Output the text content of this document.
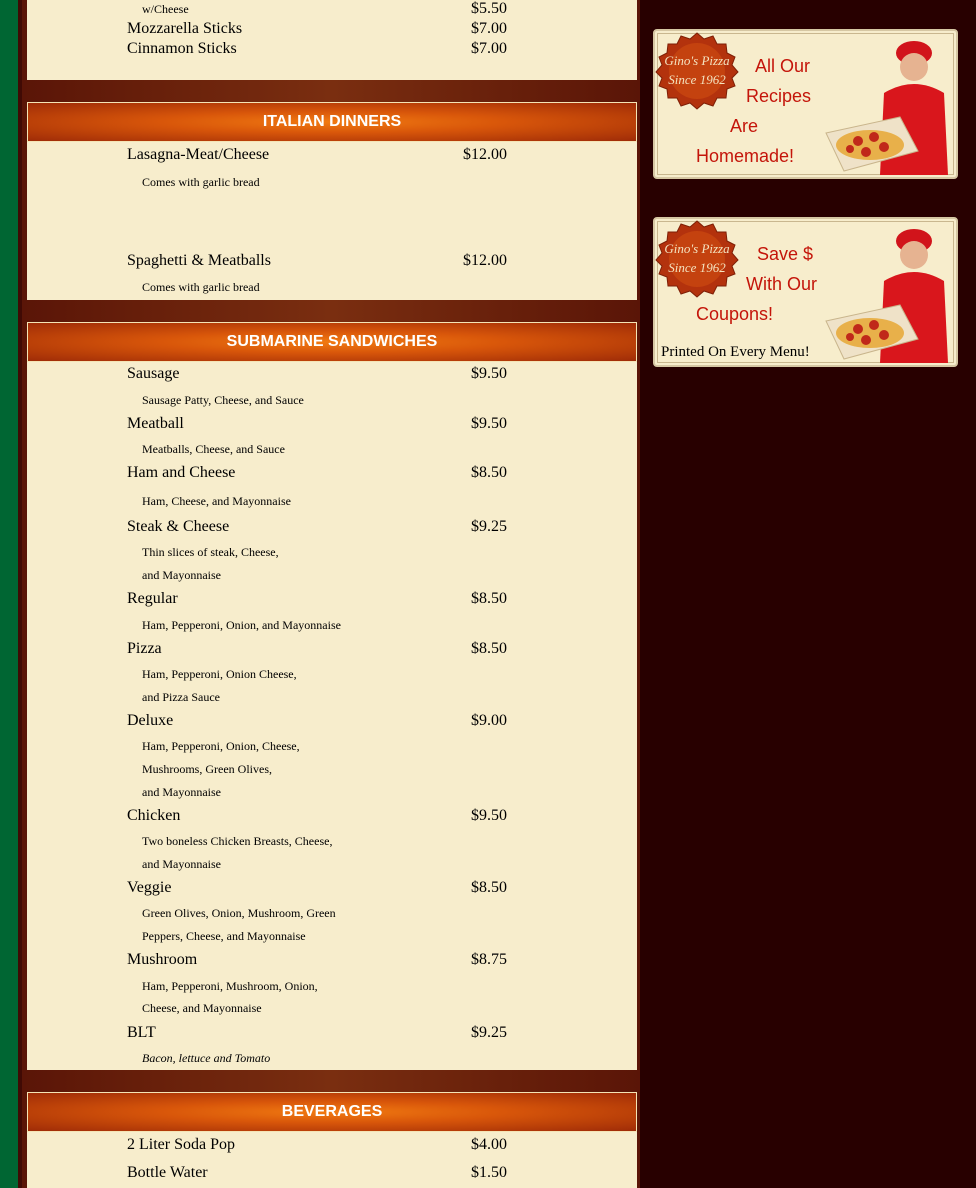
w/Cheese	$5.50
Mozzarella Sticks	$7.00
Cinnamon Sticks	$7.00
ITALIAN DINNERS
Lasagna-Meat/Cheese	$12.00
Comes with garlic bread
Spaghetti & Meatballs	$12.00
Comes with garlic bread
SUBMARINE SANDWICHES
Sausage	$9.50
Sausage Patty, Cheese, and Sauce
Meatball	$9.50
Meatballs, Cheese, and Sauce
Ham and Cheese	$8.50
Ham, Cheese, and Mayonnaise
Steak & Cheese	$9.25
Thin slices of steak, Cheese,
and Mayonnaise
Regular	$8.50
Ham, Pepperoni, Onion, and Mayonnaise
Pizza	$8.50
Ham, Pepperoni, Onion Cheese,
and Pizza Sauce
Deluxe	$9.00
Ham, Pepperoni, Onion, Cheese,
Mushrooms, Green Olives,
and Mayonnaise
Chicken	$9.50
Two boneless Chicken Breasts, Cheese,
and Mayonnaise
Veggie	$8.50
Green Olives, Onion, Mushroom, Green
Peppers, Cheese, and Mayonnaise
Mushroom	$8.75
Ham, Pepperoni, Mushroom, Onion,
Cheese, and Mayonnaise
BLT	$9.25
Bacon, lettuce and Tomato
BEVERAGES
2 Liter Soda Pop	$4.00
Bottle Water	$1.50
Gino's Pizza
Since 1962
All Our
Recipes
Are
Homemade!
Gino's Pizza
Since 1962
Save $
With Our
Coupons!
Printed On Every Menu!
